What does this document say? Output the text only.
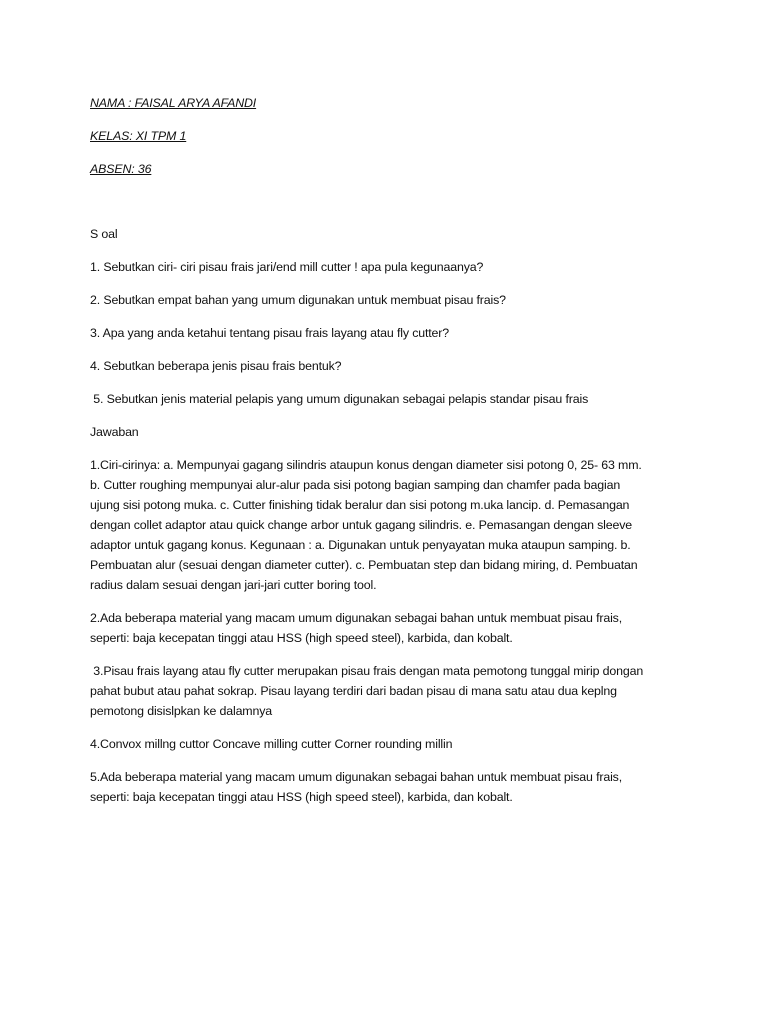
NAMA : FAISAL ARYA AFANDI
KELAS: XI TPM 1
ABSEN: 36
S oal
1. Sebutkan ciri- ciri pisau frais jari/end mill cutter ! apa pula kegunaanya?
2. Sebutkan empat bahan yang umum digunakan untuk membuat pisau frais?
3. Apa yang anda ketahui tentang pisau frais layang atau fly cutter?
4. Sebutkan beberapa jenis pisau frais bentuk?
5. Sebutkan jenis material pelapis yang umum digunakan sebagai pelapis standar pisau frais
Jawaban
1.Ciri-cirinya: a. Mempunyai gagang silindris ataupun konus dengan diameter sisi potong 0, 25- 63 mm.
b. Cutter roughing mempunyai alur-alur pada sisi potong bagian samping dan chamfer pada bagian
ujung sisi potong muka. c. Cutter finishing tidak beralur dan sisi potong m.uka lancip. d. Pemasangan
dengan collet adaptor atau quick change arbor untuk gagang silindris. e. Pemasangan dengan sleeve
adaptor untuk gagang konus. Kegunaan : a. Digunakan untuk penyayatan muka ataupun samping. b.
Pembuatan alur (sesuai dengan diameter cutter). c. Pembuatan step dan bidang miring, d. Pembuatan
radius dalam sesuai dengan jari-jari cutter boring tool.
2.Ada beberapa material yang macam umum digunakan sebagai bahan untuk membuat pisau frais,
seperti: baja kecepatan tinggi atau HSS (high speed steel), karbida, dan kobalt.
3.Pisau frais layang atau fly cutter merupakan pisau frais dengan mata pemotong tunggal mirip dongan
pahat bubut atau pahat sokrap. Pisau layang terdiri dari badan pisau di mana satu atau dua keplng
pemotong disislpkan ke dalamnya
4.Convox millng cuttor Concave milling cutter Corner rounding millin
5.Ada beberapa material yang macam umum digunakan sebagai bahan untuk membuat pisau frais,
seperti: baja kecepatan tinggi atau HSS (high speed steel), karbida, dan kobalt.
